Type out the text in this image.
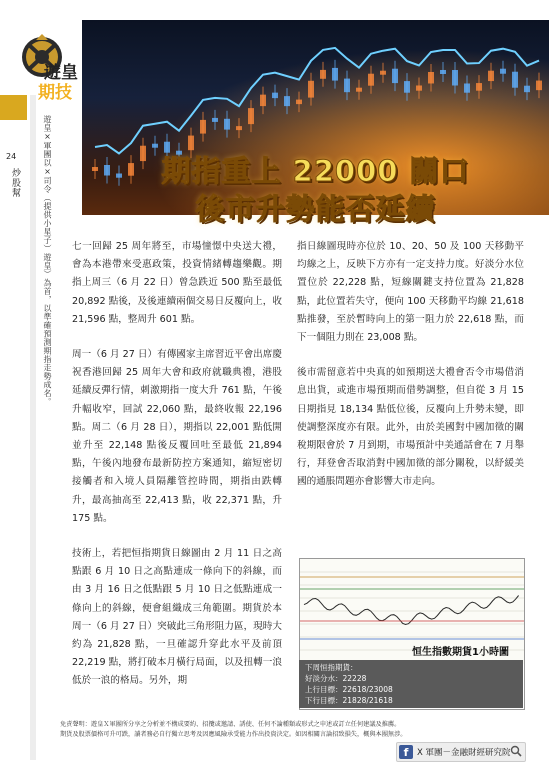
期指重上 22000 關口
後市升勢能否延續
遊皇
期技
24
炒股幫	遊皇×軍團以×司令（提供小星子）遊皇）為首，以準確預測期指走勢成名。 七一回歸 25 周年將至，市場憧憬中央送大禮，會為本港帶來受惠政策，投資情緒轉趨樂觀。期指上周三（6 月 22 日）曾急跌近 500 點至最低 20,892 點後，及後連續兩個交易日反覆向上，收 21,596 點，整周升 601 點。

周一（6 月 27 日）有傳國家主席習近平會出席慶祝香港回歸 25 周年大會和政府就職典禮，港股延續反彈行情，刺激期指一度大升 761 點，午後升幅收窄，回試 22,060 點，最終收報 22,196 點。周二（6 月 28 日），期指以 22,001 點低開並升至 22,148 點後反覆回吐至最低 21,894 點，午後內地發布最新防控方案通知，縮短密切接觸者和入境人員隔離管控時間，期指由跌轉升，最高抽高至 22,413 點，收 22,371 點，升 175 點。

技術上，若把恒指期貨日線圖由 2 月 11 日之高點跟 6 月 10 日之高點連成一條向下的斜線，而由 3 月 16 日之低點跟 5 月 10 日之低點連成一條向上的斜線，便會組織成三角範圍。期貨於本周一（6 月 27 日）突破此三角形阻力區，現時大約為 21,828 點，一旦確認升穿此水平及前頂 22,219 點，將打破本月橫行局面，以及扭轉一浪低於一浪的格局。另外，期

指日線圖現時亦位於 10、20、50 及 100 天移動平均線之上，反映下方亦有一定支持力度。好淡分水位置位於 22,228 點，短線關鍵支持位置為 21,828 點，此位置若失守，便向 100 天移動平均線 21,618 點推發，至於暫時向上的第一阻力於 22,618 點，而下一個阻力則在 23,008 點。

後市需留意若中央真的如預期送大禮會否令市場借消息出貨，或進市場預期而借勢調整，但自從 3 月 15 日期指見 18,134 點低位後，反覆向上升勢未變，即使調整深度亦有限。此外，由於美國對中國加徵的關稅期限會於 7 月到期，市場預計中美通話會在 7 月舉行，拜登會否取消對中國加徵的部分關稅，以紓緩美國的通脹問題亦會影響大市走向。

恒生指數期貨1小時圖
下周恒指期貨：
好淡分水：22228
上行目標：22618/23008
下行目標：21828/21618
免責聲明：遊皇Ｘ軍團所分享之分析並不構成要約、招攬或邀請、誘使、任何不論種類或形式之申述或訂立任何建議及推薦。
期貨及股票價格可升可跌，讀者務必自行獨立思考及因應風險承受能力作出投資決定。如因相關言論招致損失，概與本團無涉。
f	X 軍團－金融財經研究院
